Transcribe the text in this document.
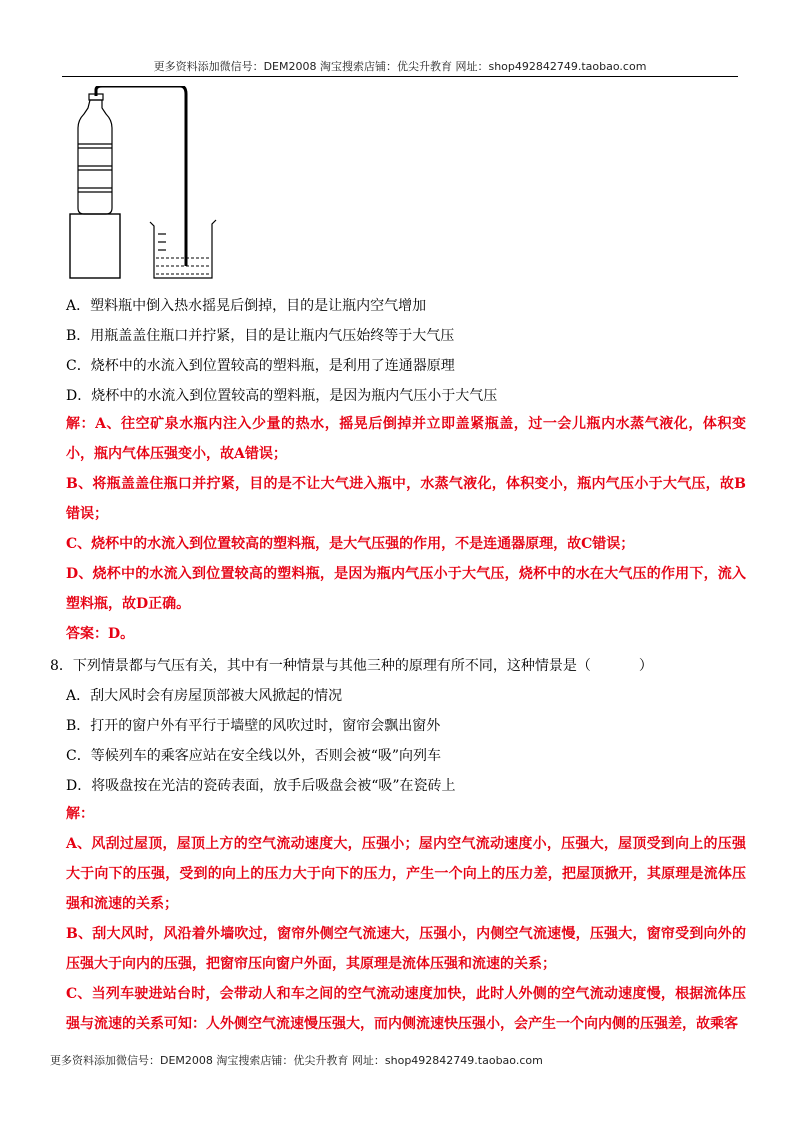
更多资料添加微信号：DEM2008 淘宝搜索店铺：优尖升教育 网址：shop492842749.taobao.com
A．塑料瓶中倒入热水摇晃后倒掉，目的是让瓶内空气增加
B．用瓶盖盖住瓶口并拧紧，目的是让瓶内气压始终等于大气压
C．烧杯中的水流入到位置较高的塑料瓶，是利用了连通器原理
D．烧杯中的水流入到位置较高的塑料瓶，是因为瓶内气压小于大气压
解：A、往空矿泉水瓶内注入少量的热水，摇晃后倒掉并立即盖紧瓶盖，过一会儿瓶内水蒸气液化，体积变小，瓶内气体压强变小，故A错误；
B、将瓶盖盖住瓶口并拧紧，目的是不让大气进入瓶中，水蒸气液化，体积变小，瓶内气压小于大气压，故B错误；
C、烧杯中的水流入到位置较高的塑料瓶，是大气压强的作用，不是连通器原理，故C错误；
D、烧杯中的水流入到位置较高的塑料瓶，是因为瓶内气压小于大气压，烧杯中的水在大气压的作用下，流入塑料瓶，故D正确。
答案：D。
8．下列情景都与气压有关，其中有一种情景与其他三种的原理有所不同，这种情景是（	）
A．刮大风时会有房屋顶部被大风掀起的情况
B．打开的窗户外有平行于墙壁的风吹过时，窗帘会飘出窗外
C．等候列车的乘客应站在安全线以外，否则会被“吸”向列车
D．将吸盘按在光洁的瓷砖表面，放手后吸盘会被“吸”在瓷砖上
解：
A、风刮过屋顶，屋顶上方的空气流动速度大，压强小；屋内空气流动速度小，压强大，屋顶受到向上的压强大于向下的压强，受到的向上的压力大于向下的压力，产生一个向上的压力差，把屋顶掀开，其原理是流体压强和流速的关系；
B、刮大风时，风沿着外墙吹过，窗帘外侧空气流速大，压强小，内侧空气流速慢，压强大，窗帘受到向外的压强大于向内的压强，把窗帘压向窗户外面，其原理是流体压强和流速的关系；
C、当列车驶进站台时，会带动人和车之间的空气流动速度加快，此时人外侧的空气流动速度慢，根据流体压强与流速的关系可知：人外侧空气流速慢压强大，而内侧流速快压强小，会产生一个向内侧的压强差，故乘客
更多资料添加微信号：DEM2008 淘宝搜索店铺：优尖升教育 网址：shop492842749.taobao.com
